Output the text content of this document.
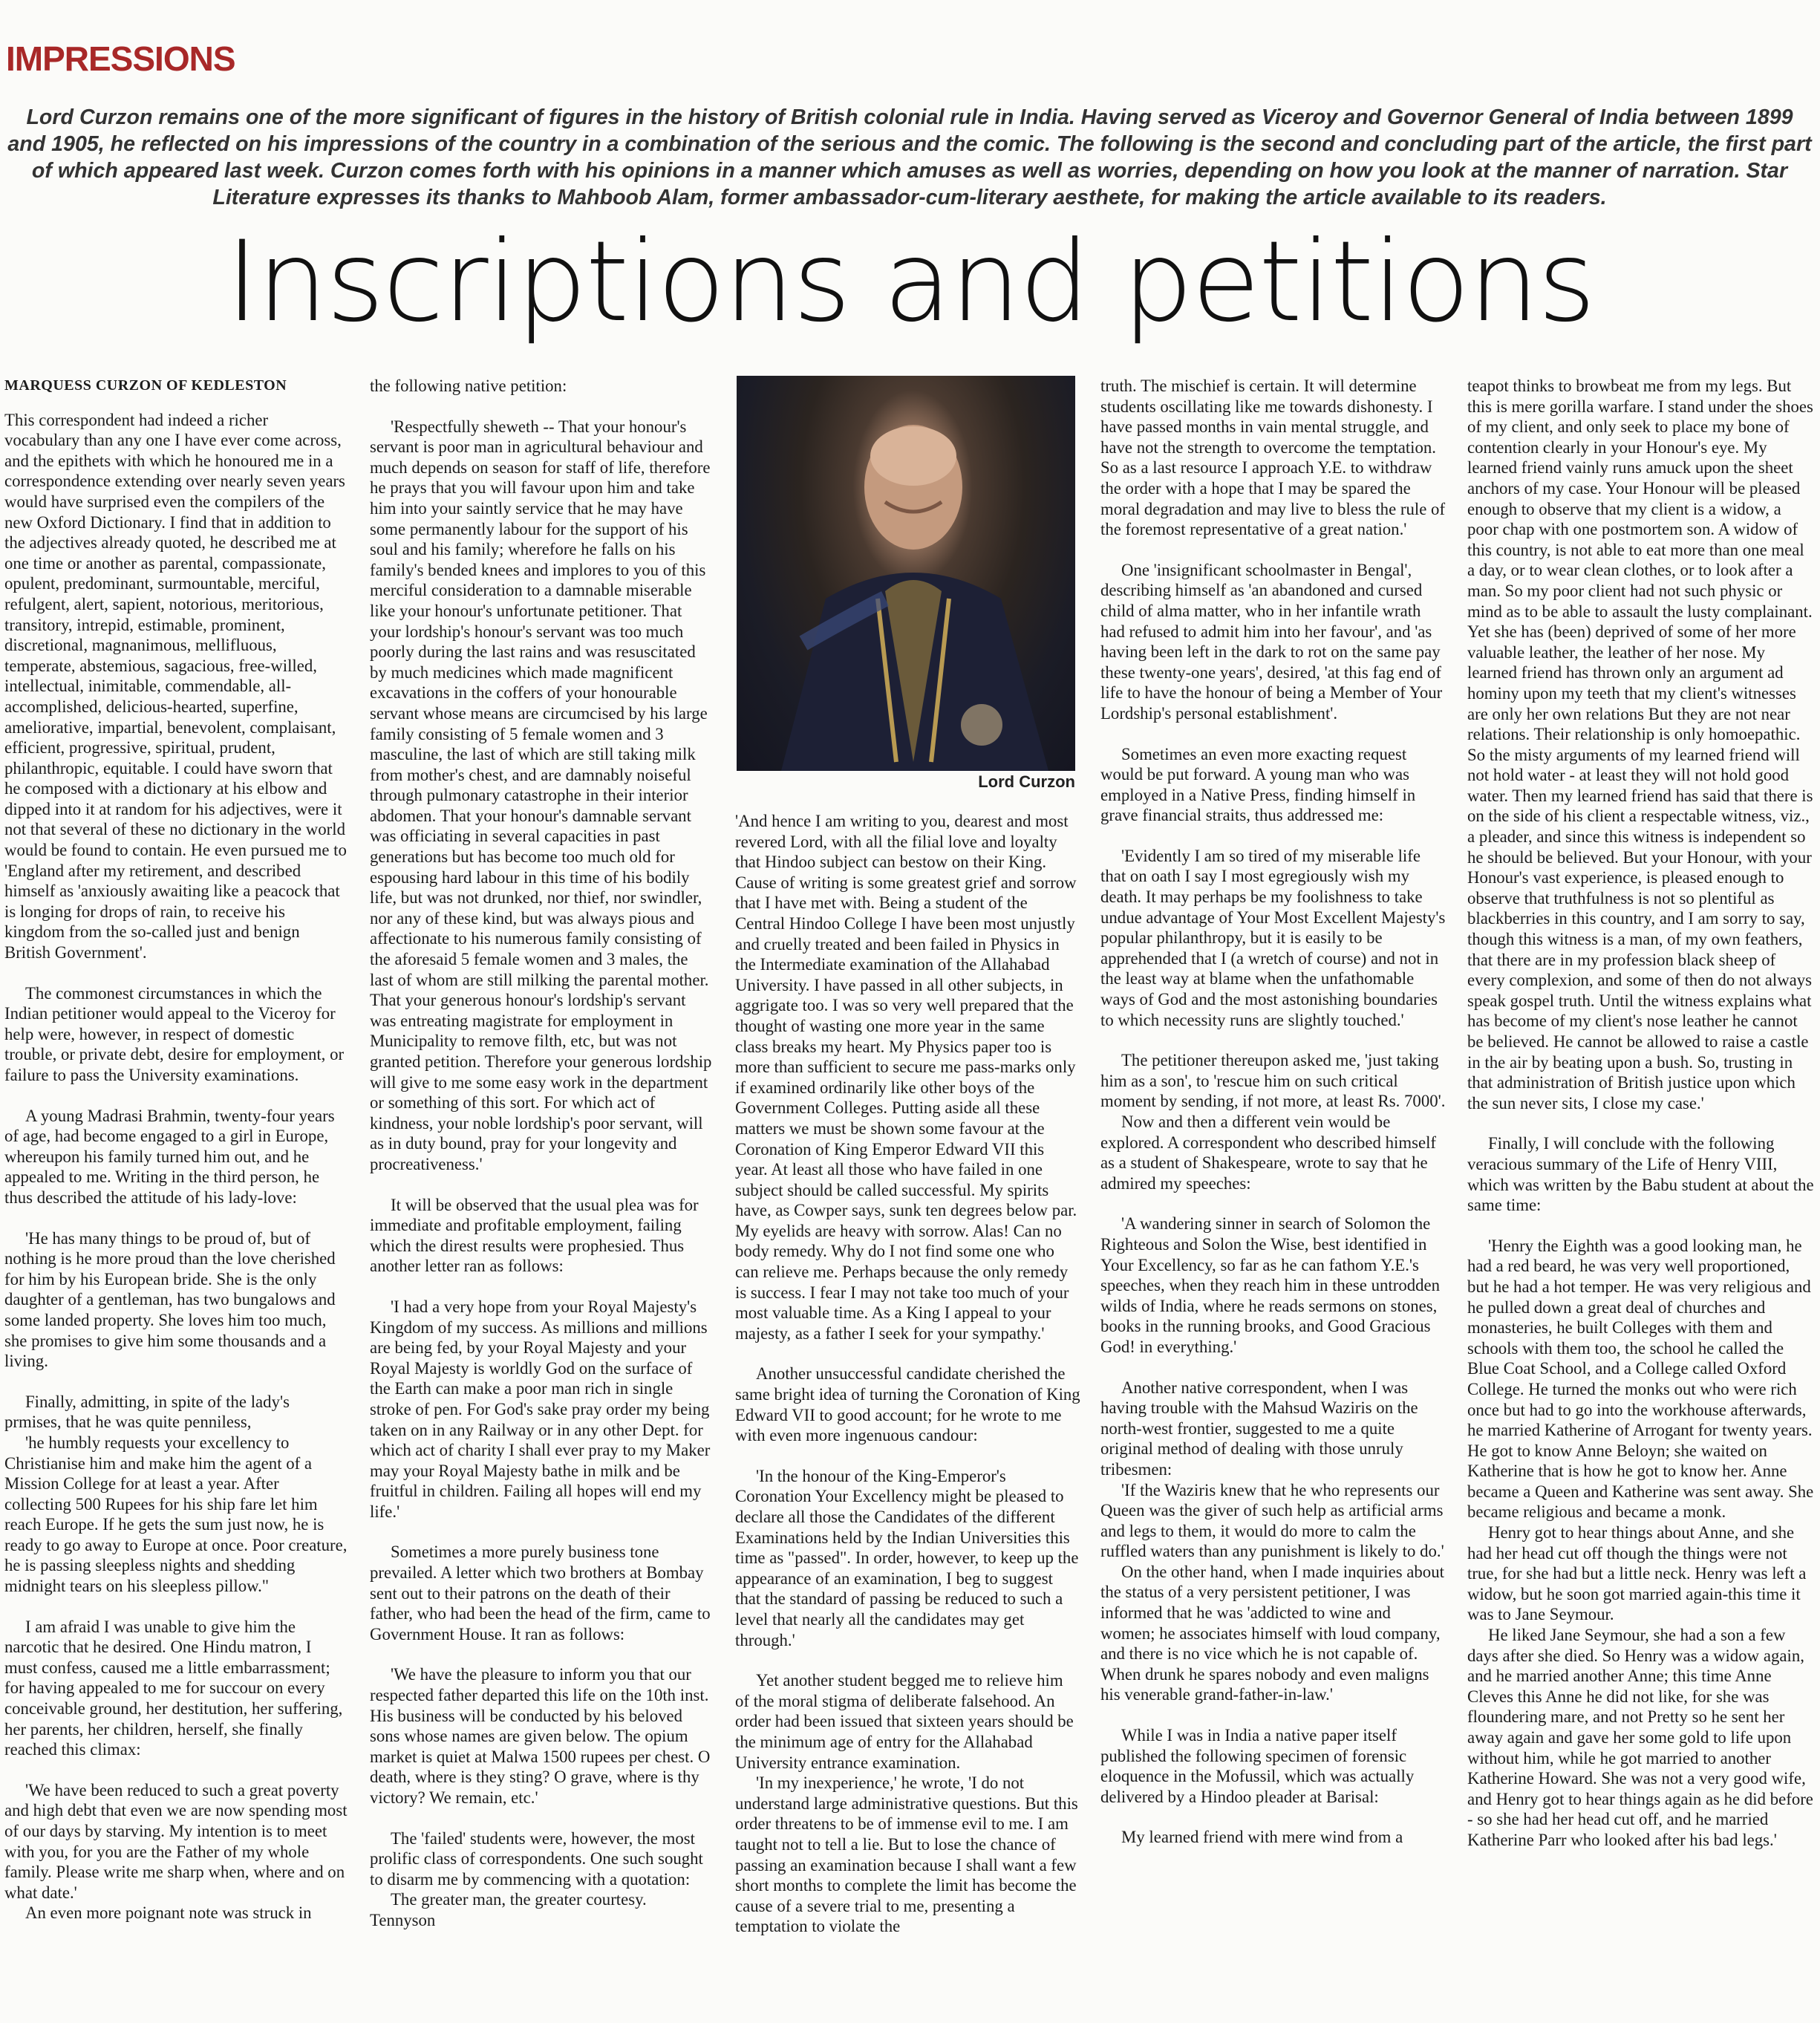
IMPRESSIONS
Lord Curzon remains one of the more significant of figures in the history of British colonial rule in India. Having served as Viceroy and Governor General of India between 1899 and 1905, he reflected on his impressions of the country in a combination of the serious and the comic. The following is the second and concluding part of the article, the first part of which appeared last week. Curzon comes forth with his opinions in a manner which amuses as well as worries, depending on how you look at the manner of narration. Star Literature expresses its thanks to Mahboob Alam, former ambassador-cum-literary aesthete, for making the article available to its readers.
Inscriptions and petitions
MARQUESS CURZON OF KEDLESTON

This correspondent had indeed a richer vocabulary than any one I have ever come across, and the epithets with which he honoured me in a correspondence extending over nearly seven years would have surprised even the compilers of the new Oxford Dictionary. I find that in addition to the adjectives already quoted, he described me at one time or another as parental, compassionate, opulent, predominant, surmountable, merciful, refulgent, alert, sapient, notorious, meritorious, transitory, intrepid, estimable, prominent, discretional, magnanimous, mellifluous, temperate, abstemious, sagacious, free-willed, intellectual, inimitable, commendable, all-accomplished, delicious-hearted, superfine, ameliorative, impartial, benevolent, complaisant, efficient, progressive, spiritual, prudent, philanthropic, equitable. I could have sworn that he composed with a dictionary at his elbow and dipped into it at random for his adjectives, were it not that several of these no dictionary in the world would be found to contain. He even pursued me to 'England after my retirement, and described himself as 'anxiously awaiting like a peacock that is longing for drops of rain, to receive his kingdom from the so-called just and benign British Government'.

The commonest circumstances in which the Indian petitioner would appeal to the Viceroy for help were, however, in respect of domestic trouble, or private debt, desire for employment, or failure to pass the University examinations.

A young Madrasi Brahmin, twenty-four years of age, had become engaged to a girl in Europe, whereupon his family turned him out, and he appealed to me. Writing in the third person, he thus described the attitude of his lady-love:

'He has many things to be proud of, but of nothing is he more proud than the love cherished for him by his European bride. She is the only daughter of a gentleman, has two bungalows and some landed property. She loves him too much, she promises to give him some thousands and a living.

Finally, admitting, in spite of the lady's prmises, that he was quite penniless,

'he humbly requests your excellency to Christianise him and make him the agent of a Mission College for at least a year. After collecting 500 Rupees for his ship fare let him reach Europe. If he gets the sum just now, he is ready to go away to Europe at once. Poor creature, he is passing sleepless nights and shedding midnight tears on his sleepless pillow."

I am afraid I was unable to give him the narcotic that he desired. One Hindu matron, I must confess, caused me a little embarrassment; for having appealed to me for succour on every conceivable ground, her destitution, her suffering, her parents, her children, herself, she finally reached this climax:

'We have been reduced to such a great poverty and high debt that even we are now spending most of our days by starving. My intention is to meet with you, for you are the Father of my whole family. Please write me sharp when, where and on what date.'

An even more poignant note was struck in

the following native petition:

'Respectfully sheweth -- That your honour's servant is poor man in agricultural behaviour and much depends on season for staff of life, therefore he prays that you will favour upon him and take him into your saintly service that he may have some permanently labour for the support of his soul and his family; wherefore he falls on his family's bended knees and implores to you of this merciful consideration to a damnable miserable like your honour's unfortunate petitioner. That your lordship's honour's servant was too much poorly during the last rains and was resuscitated by much medicines which made magnificent excavations in the coffers of your honourable servant whose means are circumcised by his large family consisting of 5 female women and 3 masculine, the last of which are still taking milk from mother's chest, and are damnably noiseful through pulmonary catastrophe in their interior abdomen. That your honour's damnable servant was officiating in several capacities in past generations but has become too much old for espousing hard labour in this time of his bodily life, but was not drunked, nor thief, nor swindler, nor any of these kind, but was always pious and affectionate to his numerous family consisting of the aforesaid 5 female women and 3 males, the last of whom are still milking the parental mother. That your generous honour's lordship's servant was entreating magistrate for employment in Municipality to remove filth, etc, but was not granted petition. Therefore your generous lordship will give to me some easy work in the department or something of this sort. For which act of kindness, your noble lordship's poor servant, will as in duty bound, pray for your longevity and procreativeness.'

It will be observed that the usual plea was for immediate and profitable employment, failing which the direst results were prophesied. Thus another letter ran as follows:

'I had a very hope from your Royal Majesty's Kingdom of my success. As millions and millions are being fed, by your Royal Majesty and your Royal Majesty is worldly God on the surface of the Earth can make a poor man rich in single stroke of pen. For God's sake pray order my being taken on in any Railway or in any other Dept. for which act of charity I shall ever pray to my Maker may your Royal Majesty bathe in milk and be fruitful in children. Failing all hopes will end my life.'

Sometimes a more purely business tone prevailed. A letter which two brothers at Bombay sent out to their patrons on the death of their father, who had been the head of the firm, came to Government House. It ran as follows:

'We have the pleasure to inform you that our respected father departed this life on the 10th inst. His business will be conducted by his beloved sons whose names are given below. The opium market is quiet at Malwa 1500 rupees per chest. O death, where is they sting? O grave, where is thy victory? We remain, etc.'

The 'failed' students were, however, the most prolific class of correspondents. One such sought to disarm me by commencing with a quotation:

The greater man, the greater courtesy. Tennyson

Lord Curzon

'And hence I am writing to you, dearest and most revered Lord, with all the filial love and loyalty that Hindoo subject can bestow on their King. Cause of writing is some greatest grief and sorrow that I have met with. Being a student of the Central Hindoo College I have been most unjustly and cruelly treated and been failed in Physics in the Intermediate examination of the Allahabad University. I have passed in all other subjects, in aggrigate too. I was so very well prepared that the thought of wasting one more year in the same class breaks my heart. My Physics paper too is more than sufficient to secure me pass-marks only if examined ordinarily like other boys of the Government Colleges. Putting aside all these matters we must be shown some favour at the Coronation of King Emperor Edward VII this year. At least all those who have failed in one subject should be called successful. My spirits have, as Cowper says, sunk ten degrees below par. My eyelids are heavy with sorrow. Alas! Can no body remedy. Why do I not find some one who can relieve me. Perhaps because the only remedy is success. I fear I may not take too much of your most valuable time. As a King I appeal to your majesty, as a father I seek for your sympathy.'

Another unsuccessful candidate cherished the same bright idea of turning the Coronation of King Edward VII to good account; for he wrote to me with even more ingenuous candour:

'In the honour of the King-Emperor's Coronation Your Excellency might be pleased to declare all those the Candidates of the different Examinations held by the Indian Universities this time as "passed". In order, however, to keep up the appearance of an examination, I beg to suggest that the standard of passing be reduced to such a level that nearly all the candidates may get through.'

Yet another student begged me to relieve him of the moral stigma of deliberate falsehood. An order had been issued that sixteen years should be the minimum age of entry for the Allahabad University entrance examination.

'In my inexperience,' he wrote, 'I do not understand large administrative questions. But this order threatens to be of immense evil to me. I am taught not to tell a lie. But to lose the chance of passing an examination because I shall want a few short months to complete the limit has become the cause of a severe trial to me, presenting a temptation to violate the

truth. The mischief is certain. It will determine students oscillating like me towards dishonesty. I have passed months in vain mental struggle, and have not the strength to overcome the temptation. So as a last resource I approach Y.E. to withdraw the order with a hope that I may be spared the moral degradation and may live to bless the rule of the foremost representative of a great nation.'

One 'insignificant schoolmaster in Bengal', describing himself as 'an abandoned and cursed child of alma matter, who in her infantile wrath had refused to admit him into her favour', and 'as having been left in the dark to rot on the same pay these twenty-one years', desired, 'at this fag end of life to have the honour of being a Member of Your Lordship's personal establishment'.

Sometimes an even more exacting request would be put forward. A young man who was employed in a Native Press, finding himself in grave financial straits, thus addressed me:

'Evidently I am so tired of my miserable life that on oath I say I most egregiously wish my death. It may perhaps be my foolishness to take undue advantage of Your Most Excellent Majesty's popular philanthropy, but it is easily to be apprehended that I (a wretch of course) and not in the least way at blame when the unfathomable ways of God and the most astonishing boundaries to which necessity runs are slightly touched.'

The petitioner thereupon asked me, 'just taking him as a son', to 'rescue him on such critical moment by sending, if not more, at least Rs. 7000'.

Now and then a different vein would be explored. A correspondent who described himself as a student of Shakespeare, wrote to say that he admired my speeches:

'A wandering sinner in search of Solomon the Righteous and Solon the Wise, best identified in Your Excellency, so far as he can fathom Y.E.'s speeches, when they reach him in these untrodden wilds of India, where he reads sermons on stones, books in the running brooks, and Good Gracious God! in everything.'

Another native correspondent, when I was having trouble with the Mahsud Waziris on the north-west frontier, suggested to me a quite original method of dealing with those unruly tribesmen:

'If the Waziris knew that he who represents our Queen was the giver of such help as artificial arms and legs to them, it would do more to calm the ruffled waters than any punishment is likely to do.'

On the other hand, when I made inquiries about the status of a very persistent petitioner, I was informed that he was 'addicted to wine and women; he associates himself with loud company, and there is no vice which he is not capable of. When drunk he spares nobody and even maligns his venerable grand-father-in-law.'

While I was in India a native paper itself published the following specimen of forensic eloquence in the Mofussil, which was actually delivered by a Hindoo pleader at Barisal:

My learned friend with mere wind from a

teapot thinks to browbeat me from my legs. But this is mere gorilla warfare. I stand under the shoes of my client, and only seek to place my bone of contention clearly in your Honour's eye. My learned friend vainly runs amuck upon the sheet anchors of my case. Your Honour will be pleased enough to observe that my client is a widow, a poor chap with one postmortem son. A widow of this country, is not able to eat more than one meal a day, or to wear clean clothes, or to look after a man. So my poor client had not such physic or mind as to be able to assault the lusty complainant. Yet she has (been) deprived of some of her more valuable leather, the leather of her nose. My learned friend has thrown only an argument ad hominy upon my teeth that my client's witnesses are only her own relations But they are not near relations. Their relationship is only homoepathic. So the misty arguments of my learned friend will not hold water - at least they will not hold good water. Then my learned friend has said that there is on the side of his client a respectable witness, viz., a pleader, and since this witness is independent so he should be believed. But your Honour, with your Honour's vast experience, is pleased enough to observe that truthfulness is not so plentiful as blackberries in this country, and I am sorry to say, though this witness is a man, of my own feathers, that there are in my profession black sheep of every complexion, and some of then do not always speak gospel truth. Until the witness explains what has become of my client's nose leather he cannot be believed. He cannot be allowed to raise a castle in the air by beating upon a bush. So, trusting in that administration of British justice upon which the sun never sits, I close my case.'

Finally, I will conclude with the following veracious summary of the Life of Henry VIII, which was written by the Babu student at about the same time:

'Henry the Eighth was a good looking man, he had a red beard, he was very well proportioned, but he had a hot temper. He was very religious and he pulled down a great deal of churches and monasteries, he built Colleges with them and schools with them too, the school he called the Blue Coat School, and a College called Oxford College. He turned the monks out who were rich once but had to go into the workhouse afterwards, he married Katherine of Arrogant for twenty years. He got to know Anne Beloyn; she waited on Katherine that is how he got to know her. Anne became a Queen and Katherine was sent away. She became religious and became a monk.

Henry got to hear things about Anne, and she had her head cut off though the things were not true, for she had but a little neck. Henry was left a widow, but he soon got married again-this time it was to Jane Seymour.

He liked Jane Seymour, she had a son a few days after she died. So Henry was a widow again, and he married another Anne; this time Anne Cleves this Anne he did not like, for she was floundering mare, and not Pretty so he sent her away again and gave her some gold to life upon without him, while he got married to another Katherine Howard. She was not a very good wife, and Henry got to hear things again as he did before - so she had her head cut off, and he married Katherine Parr who looked after his bad legs.'
